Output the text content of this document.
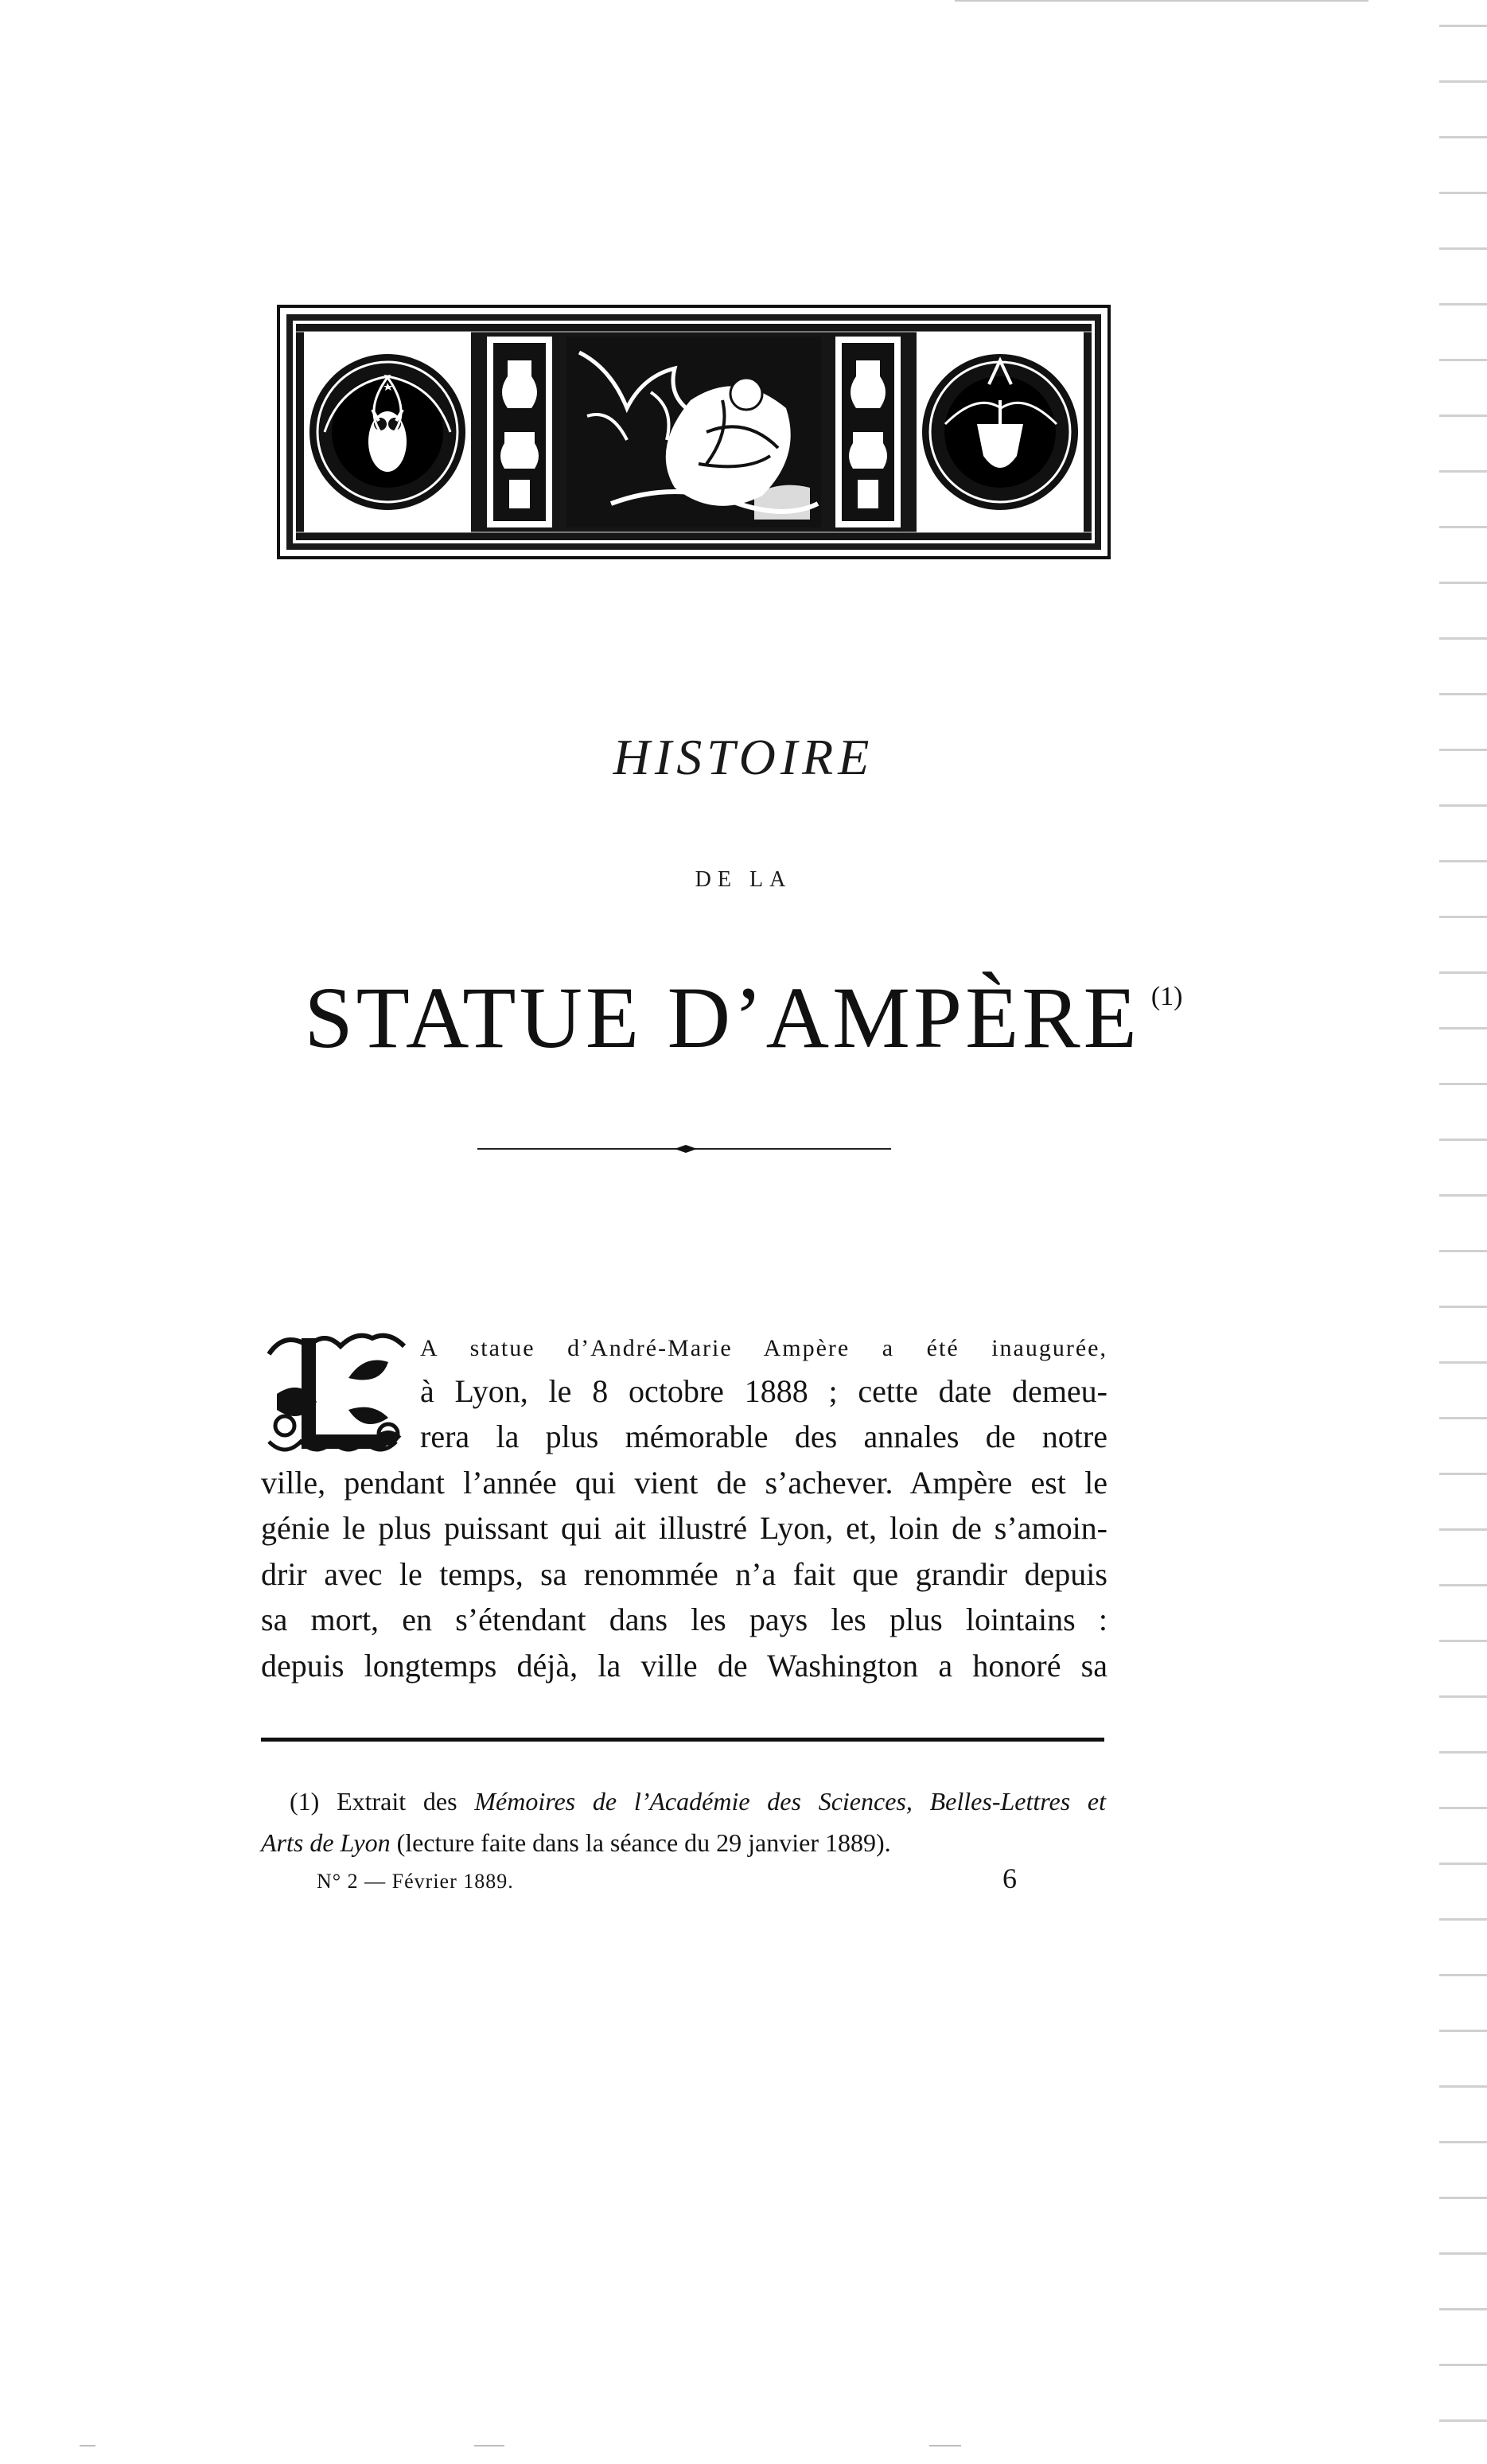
HISTOIRE
DE LA
STATUE D’AMPÈRE $^{(1)}$
A statue d’André-Marie Ampère a été inaugurée,
à Lyon, le 8 octobre 1888 ; cette date demeu-
rera la plus mémorable des annales de notre
ville, pendant l’année qui vient de s’achever. Ampère est le
génie le plus puissant qui ait illustré Lyon, et, loin de s’amoin-
drir avec le temps, sa renommée n’a fait que grandir depuis
sa mort, en s’étendant dans les pays les plus lointains :
depuis longtemps déjà, la ville de Washington a honoré sa
(1) Extrait des Mémoires de l’Académie des Sciences, Belles-Lettres et
Arts de Lyon (lecture faite dans la séance du 29 janvier 1889).
N° 2 — Février 1889.	6
